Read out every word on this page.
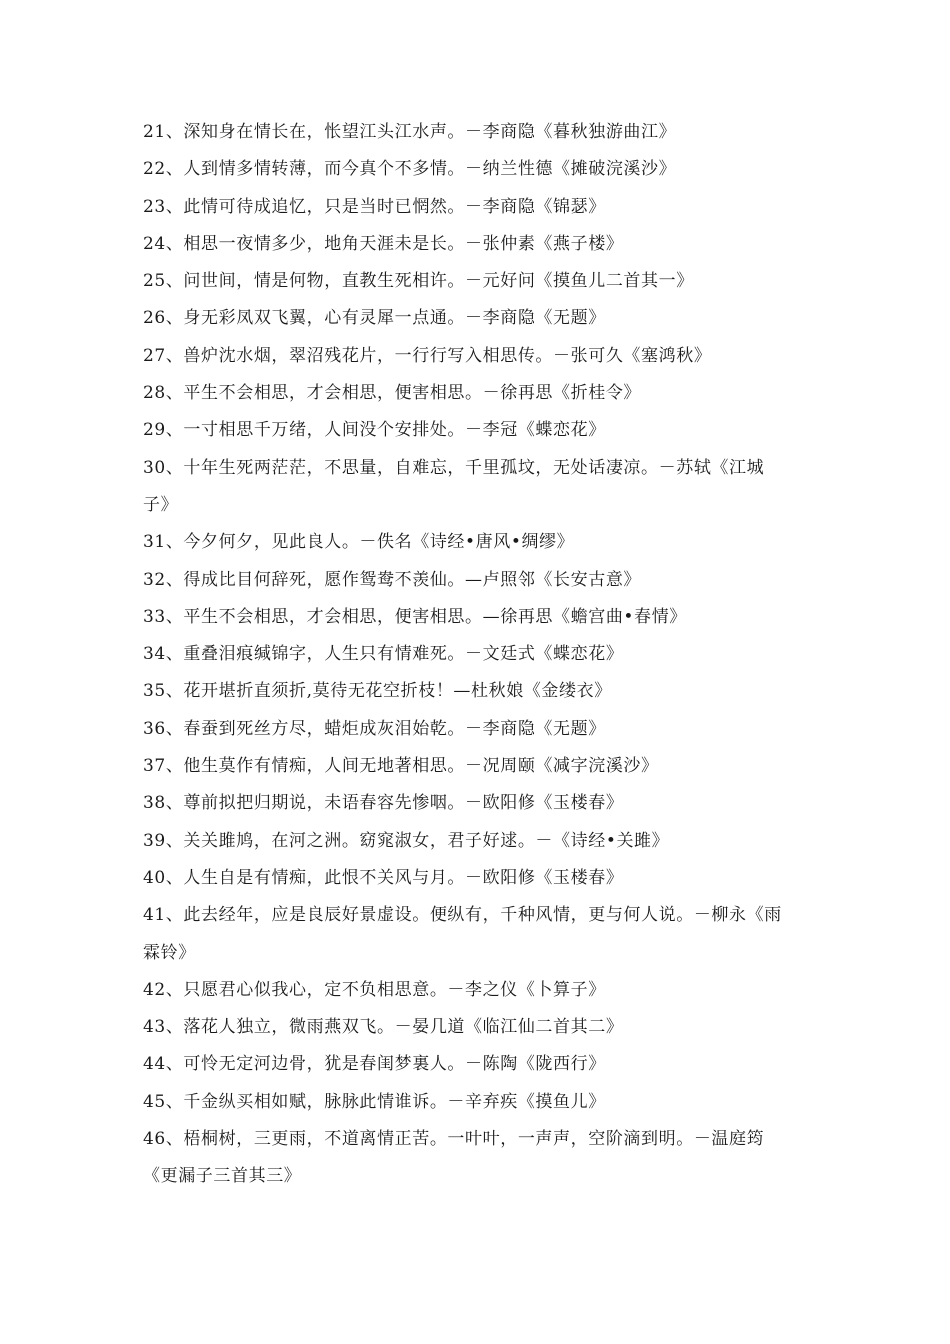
21、深知身在情长在，怅望江头江水声。－李商隐《暮秋独游曲江》
22、人到情多情转薄，而今真个不多情。－纳兰性德《摊破浣溪沙》
23、此情可待成追忆，只是当时已惘然。－李商隐《锦瑟》
24、相思一夜情多少，地角天涯未是长。－张仲素《燕子楼》
25、问世间，情是何物，直教生死相许。－元好问《摸鱼儿二首其一》
26、身无彩凤双飞翼，心有灵犀一点通。－李商隐《无题》
27、兽炉沈水烟，翠沼残花片，一行行写入相思传。－张可久《塞鸿秋》
28、平生不会相思，才会相思，便害相思。－徐再思《折桂令》
29、一寸相思千万绪，人间没个安排处。－李冠《蝶恋花》
30、十年生死两茫茫，不思量，自难忘，千里孤坟，无处话凄凉。－苏轼《江城
子》
31、今夕何夕，见此良人。－佚名《诗经•唐风•绸缪》
32、得成比目何辞死，愿作鸳鸯不羡仙。—卢照邻《长安古意》
33、平生不会相思，才会相思，便害相思。—徐再思《蟾宫曲•春情》
34、重叠泪痕缄锦字，人生只有情难死。－文廷式《蝶恋花》
35、花开堪折直须折,莫待无花空折枝！—杜秋娘《金缕衣》
36、春蚕到死丝方尽，蜡炬成灰泪始乾。－李商隐《无题》
37、他生莫作有情痴，人间无地著相思。－况周颐《减字浣溪沙》
38、尊前拟把归期说，未语春容先惨咽。－欧阳修《玉楼春》
39、关关雎鸠，在河之洲。窈窕淑女，君子好逑。－《诗经•关雎》
40、人生自是有情痴，此恨不关风与月。－欧阳修《玉楼春》
41、此去经年，应是良辰好景虚设。便纵有，千种风情，更与何人说。－柳永《雨
霖铃》
42、只愿君心似我心，定不负相思意。－李之仪《卜算子》
43、落花人独立，微雨燕双飞。－晏几道《临江仙二首其二》
44、可怜无定河边骨，犹是春闺梦裏人。－陈陶《陇西行》
45、千金纵买相如赋，脉脉此情谁诉。－辛弃疾《摸鱼儿》
46、梧桐树，三更雨，不道离情正苦。一叶叶，一声声，空阶滴到明。－温庭筠
《更漏子三首其三》
